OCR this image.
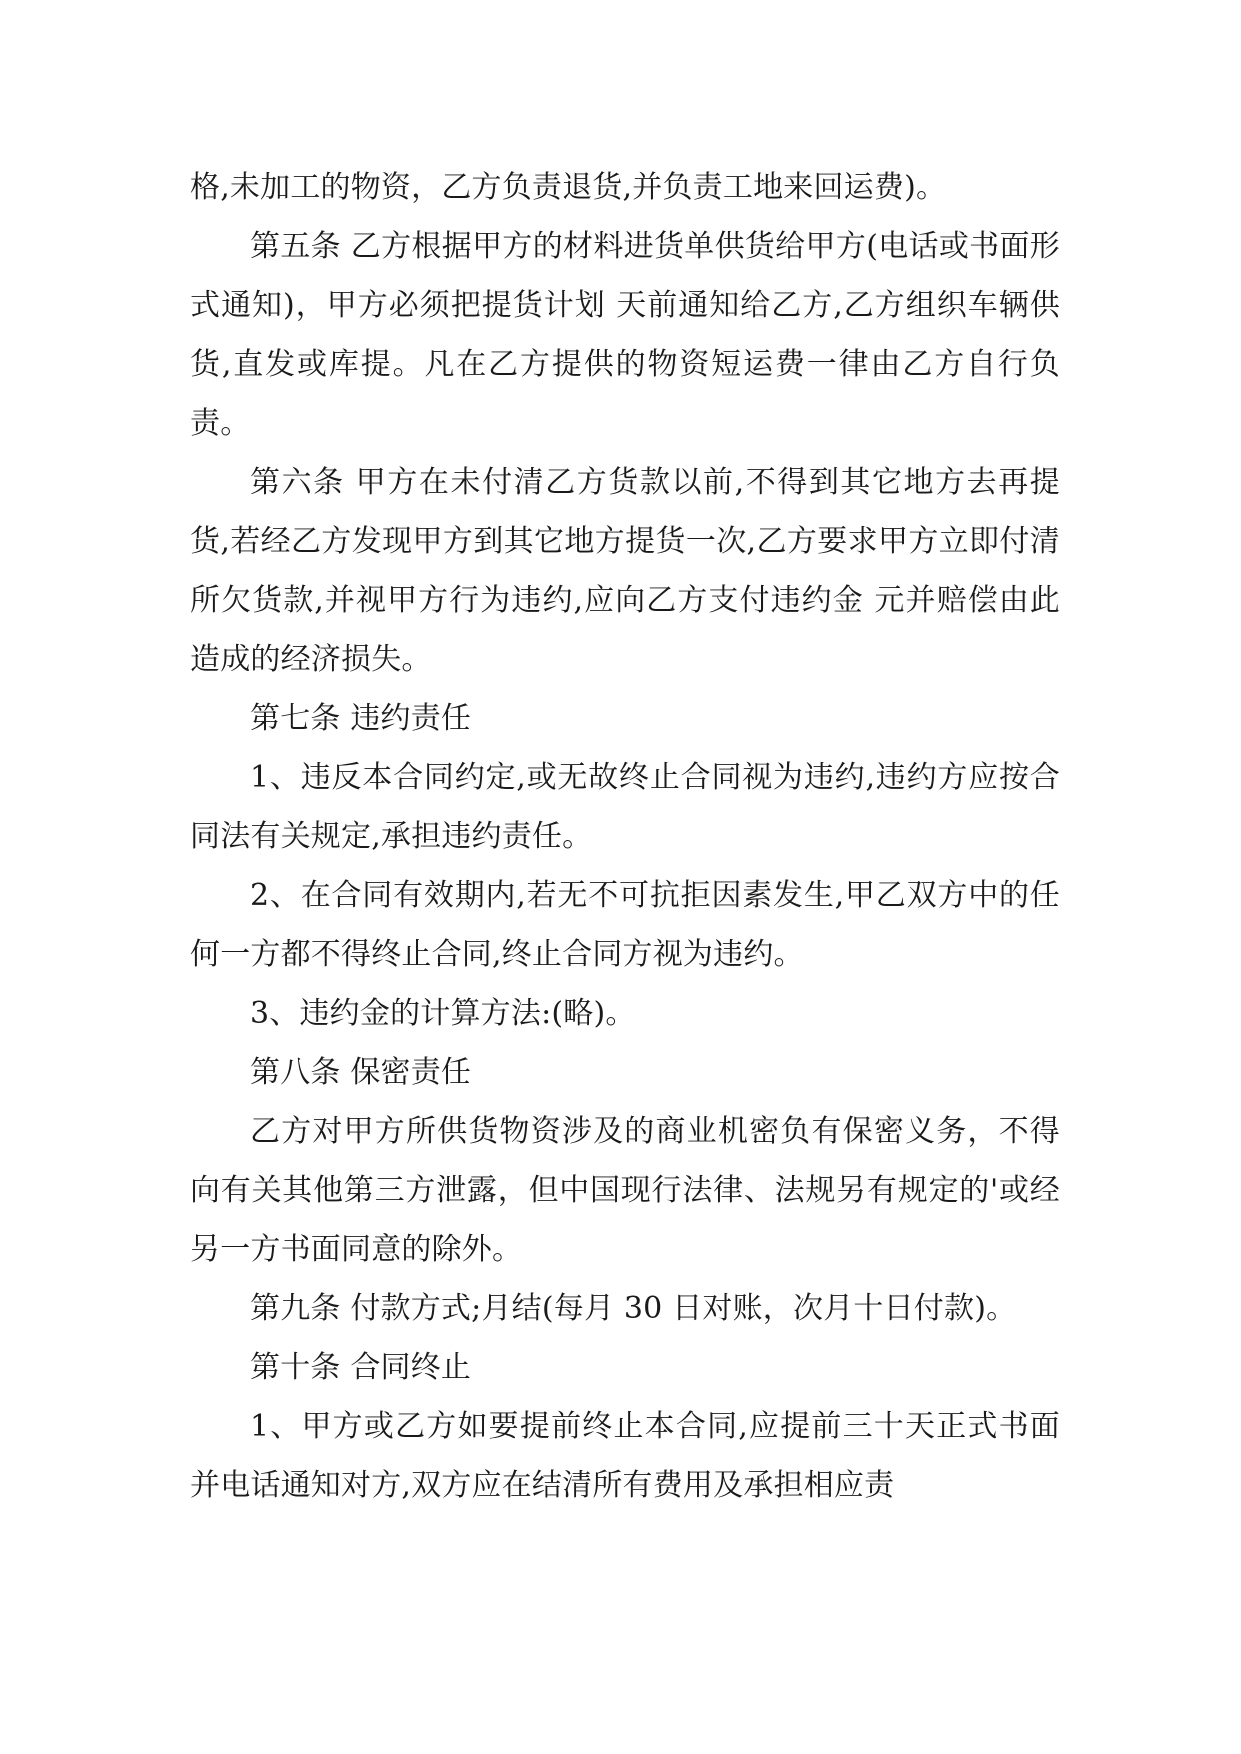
格,未加工的物资，乙方负责退货,并负责工地来回运费)。

第五条 乙方根据甲方的材料进货单供货给甲方(电话或书面形式通知)，甲方必须把提货计划 天前通知给乙方,乙方组织车辆供货,直发或库提。凡在乙方提供的物资短运费一律由乙方自行负责。

第六条 甲方在未付清乙方货款以前,不得到其它地方去再提货,若经乙方发现甲方到其它地方提货一次,乙方要求甲方立即付清所欠货款,并视甲方行为违约,应向乙方支付违约金 元并赔偿由此造成的经济损失。

第七条 违约责任

1、违反本合同约定,或无故终止合同视为违约,违约方应按合同法有关规定,承担违约责任。

2、在合同有效期内,若无不可抗拒因素发生,甲乙双方中的任何一方都不得终止合同,终止合同方视为违约。

3、违约金的计算方法:(略)。

第八条 保密责任

乙方对甲方所供货物资涉及的商业机密负有保密义务，不得向有关其他第三方泄露，但中国现行法律、法规另有规定的'或经另一方书面同意的除外。

第九条 付款方式;月结(每月 30 日对账，次月十日付款)。

第十条 合同终止

1、甲方或乙方如要提前终止本合同,应提前三十天正式书面并电话通知对方,双方应在结清所有费用及承担相应责
